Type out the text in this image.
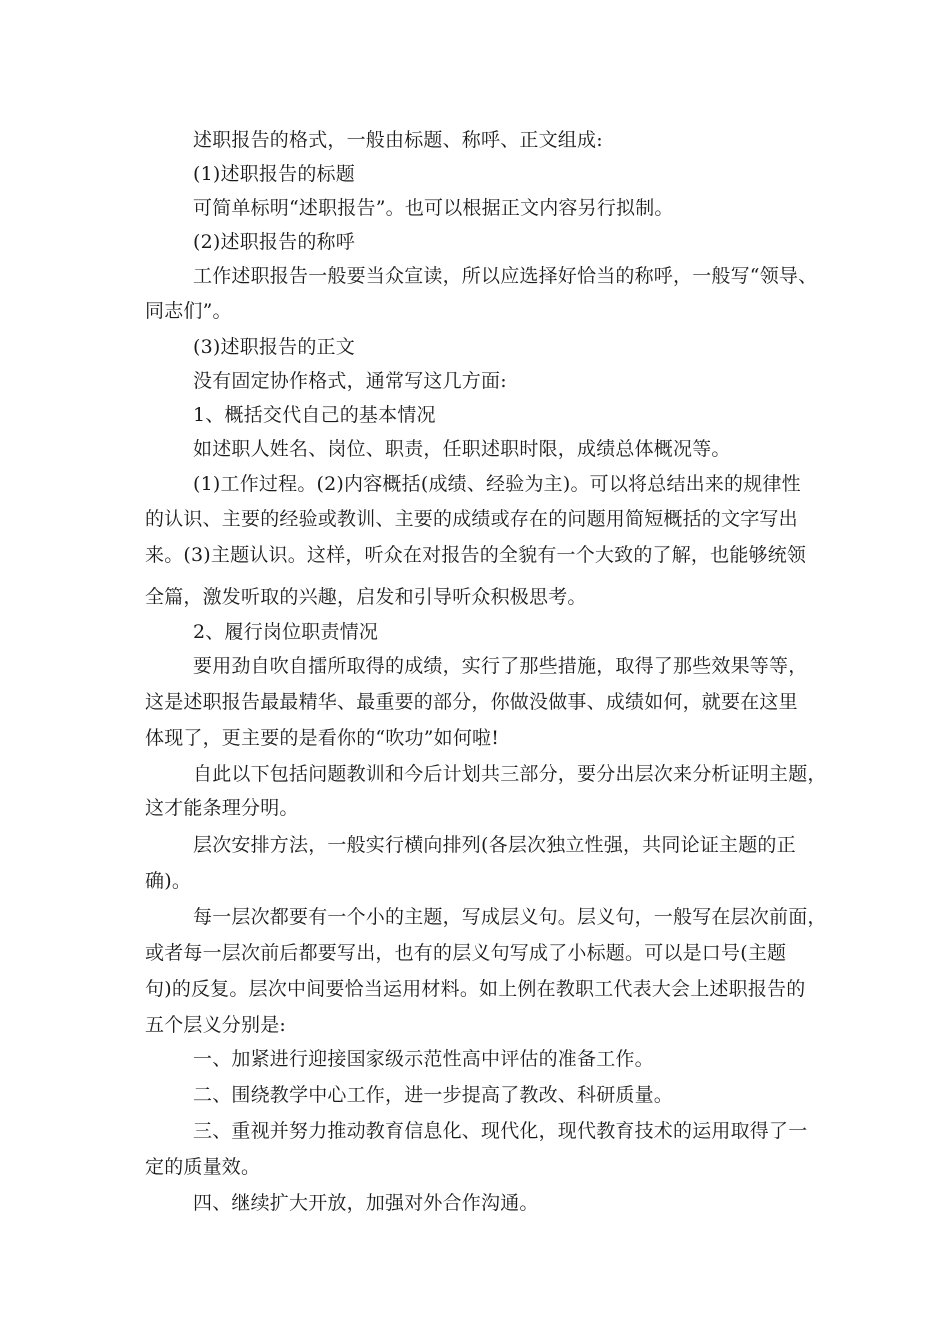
述职报告的格式，一般由标题、称呼、正文组成:
(1)述职报告的标题
可简单标明“述职报告”。也可以根据正文内容另行拟制。
(2)述职报告的称呼
工作述职报告一般要当众宣读，所以应选择好恰当的称呼，一般写“领导、
同志们”。
(3)述职报告的正文
没有固定协作格式，通常写这几方面:
1、概括交代自己的基本情况
如述职人姓名、岗位、职责，任职述职时限，成绩总体概况等。
(1)工作过程。(2)内容概括(成绩、经验为主)。可以将总结出来的规律性
的认识、主要的经验或教训、主要的成绩或存在的问题用简短概括的文字写出
来。(3)主题认识。这样，听众在对报告的全貌有一个大致的了解，也能够统领
全篇，激发听取的兴趣，启发和引导听众积极思考。
2、履行岗位职责情况
要用劲自吹自擂所取得的成绩，实行了那些措施，取得了那些效果等等，
这是述职报告最最精华、最重要的部分，你做没做事、成绩如何，就要在这里
体现了，更主要的是看你的“吹功”如何啦!
自此以下包括问题教训和今后计划共三部分，要分出层次来分析证明主题，
这才能条理分明。
层次安排方法，一般实行横向排列(各层次独立性强，共同论证主题的正
确)。
每一层次都要有一个小的主题，写成层义句。层义句，一般写在层次前面，
或者每一层次前后都要写出，也有的层义句写成了小标题。可以是口号(主题
句)的反复。层次中间要恰当运用材料。如上例在教职工代表大会上述职报告的
五个层义分别是:
一、加紧进行迎接国家级示范性高中评估的准备工作。
二、围绕教学中心工作，进一步提高了教改、科研质量。
三、重视并努力推动教育信息化、现代化，现代教育技术的运用取得了一
定的质量效。
四、继续扩大开放，加强对外合作沟通。
